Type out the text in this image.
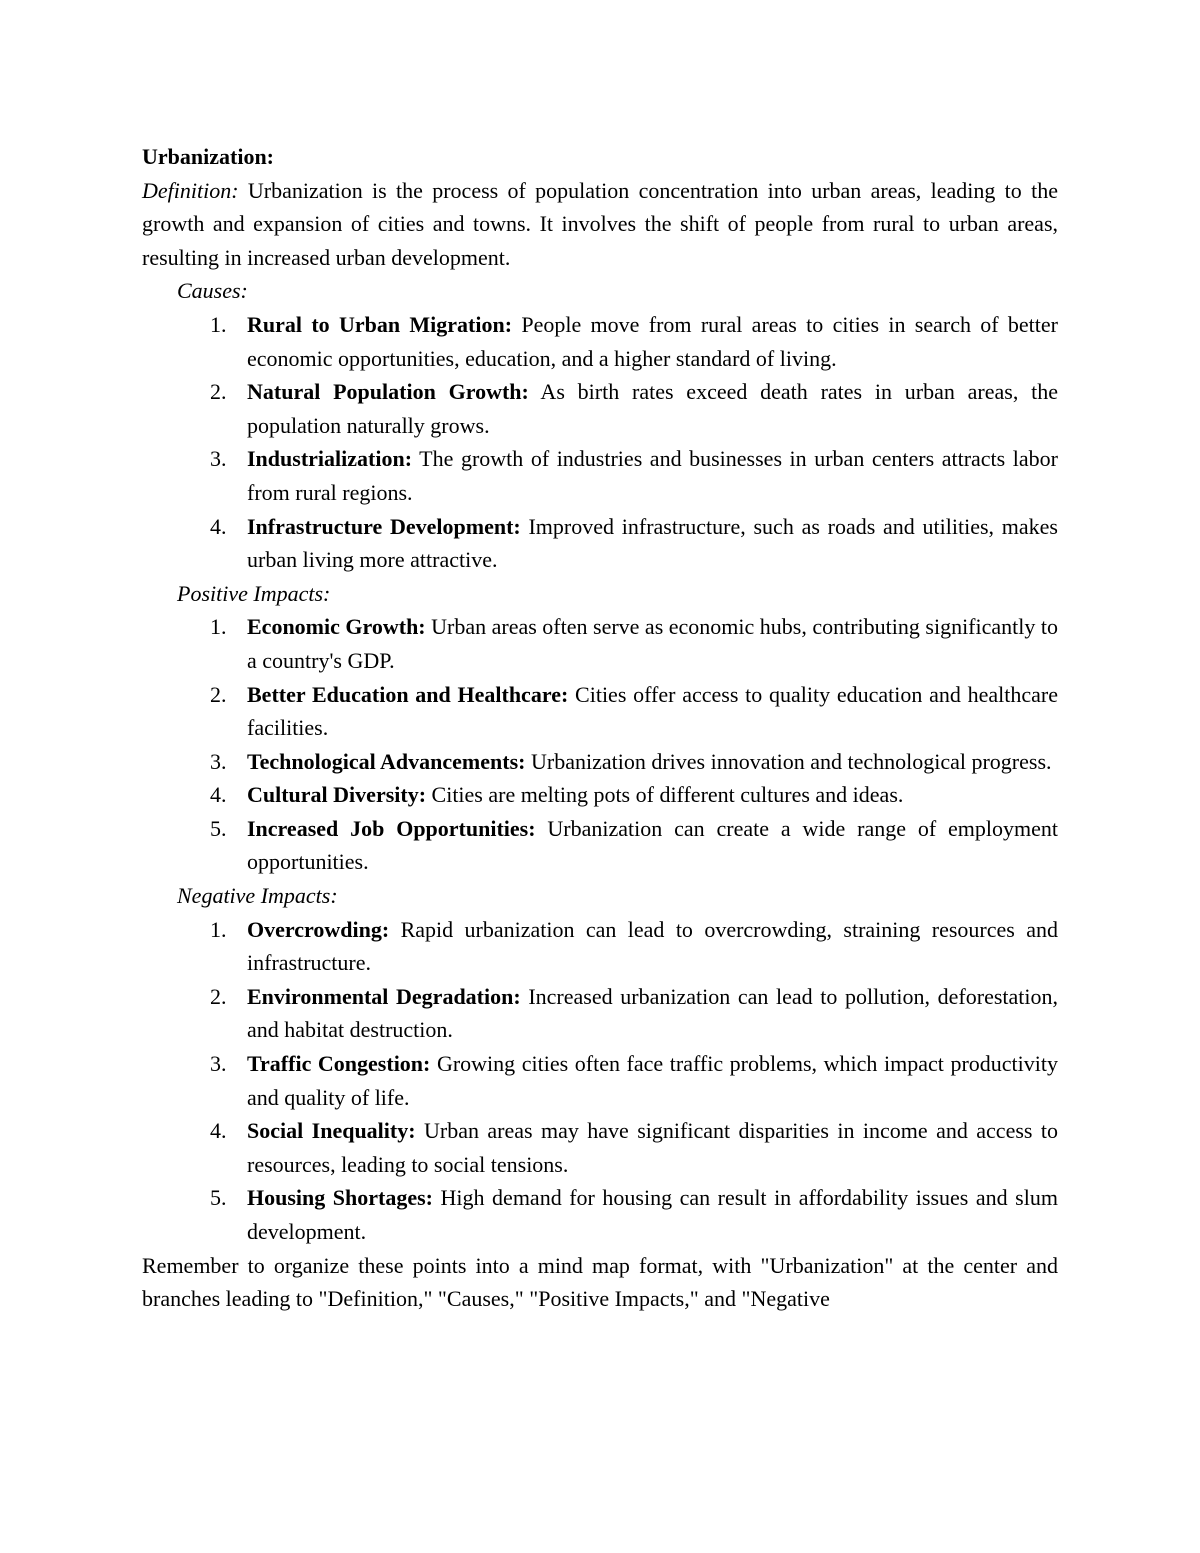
Urbanization:

Definition: Urbanization is the process of population concentration into urban areas, leading to the growth and expansion of cities and towns. It involves the shift of people from rural to urban areas, resulting in increased urban development.

Causes:

1. Rural to Urban Migration: People move from rural areas to cities in search of better economic opportunities, education, and a higher standard of living.
2. Natural Population Growth: As birth rates exceed death rates in urban areas, the population naturally grows.
3. Industrialization: The growth of industries and businesses in urban centers attracts labor from rural regions.
4. Infrastructure Development: Improved infrastructure, such as roads and utilities, makes urban living more attractive.

Positive Impacts:

1. Economic Growth: Urban areas often serve as economic hubs, contributing significantly to a country's GDP.
2. Better Education and Healthcare: Cities offer access to quality education and healthcare facilities.
3. Technological Advancements: Urbanization drives innovation and technological progress.
4. Cultural Diversity: Cities are melting pots of different cultures and ideas.
5. Increased Job Opportunities: Urbanization can create a wide range of employment opportunities.

Negative Impacts:

1. Overcrowding: Rapid urbanization can lead to overcrowding, straining resources and infrastructure.
2. Environmental Degradation: Increased urbanization can lead to pollution, deforestation, and habitat destruction.
3. Traffic Congestion: Growing cities often face traffic problems, which impact productivity and quality of life.
4. Social Inequality: Urban areas may have significant disparities in income and access to resources, leading to social tensions.
5. Housing Shortages: High demand for housing can result in affordability issues and slum development.

Remember to organize these points into a mind map format, with "Urbanization" at the center and branches leading to "Definition," "Causes," "Positive Impacts," and "Negative
